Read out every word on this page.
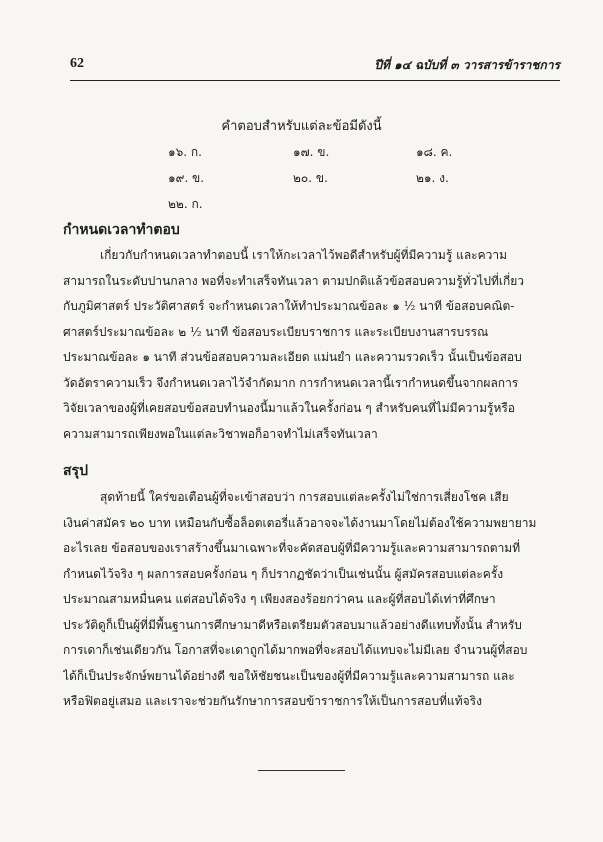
62	ปีที่ ๑๔ ฉบับที่ ๓ วารสารข้าราชการ
คำตอบสำหรับแต่ละข้อมีดังนี้
๑๖. ก.	๑๗. ข.	๑๘. ค.
๑๙. ข.	๒๐. ข.	๒๑. ง.
๒๒. ก.
กำหนดเวลาทำตอบ
เกี่ยวกับกำหนดเวลาทำตอบนี้ เราให้กะเวลาไว้พอดีสำหรับผู้ที่มีความรู้ และความ
สามารถในระดับปานกลาง พอที่จะทำเสร็จทันเวลา ตามปกติแล้วข้อสอบความรู้ทั่วไปที่เกี่ยว
กับภูมิศาสตร์ ประวัติศาสตร์ จะกำหนดเวลาให้ทำประมาณข้อละ ๑ ½ นาที ข้อสอบคณิต-
ศาสตร์ประมาณข้อละ ๒ ½ นาที ข้อสอบระเบียบราชการ และระเบียบงานสารบรรณ
ประมาณข้อละ ๑ นาที ส่วนข้อสอบความละเอียด แม่นยำ และความรวดเร็ว นั้นเป็นข้อสอบ
วัดอัตราความเร็ว จึงกำหนดเวลาไว้จำกัดมาก การกำหนดเวลานี้เรากำหนดขึ้นจากผลการ
วิจัยเวลาของผู้ที่เคยสอบข้อสอบทำนองนี้มาแล้วในครั้งก่อน ๆ สำหรับคนที่ไม่มีความรู้หรือ
ความสามารถเพียงพอในแต่ละวิชาพอก็อาจทำไม่เสร็จทันเวลา
สรุป
สุดท้ายนี้ ใคร่ขอเตือนผู้ที่จะเข้าสอบว่า การสอบแต่ละครั้งไม่ใช่การเสี่ยงโชค เสีย
เงินค่าสมัคร ๒๐ บาท เหมือนกับซื้อล็อตเตอรี่แล้วอาจจะได้งานมาโดยไม่ต้องใช้ความพยายาม
อะไรเลย ข้อสอบของเราสร้างขึ้นมาเฉพาะที่จะคัดสอบผู้ที่มีความรู้และความสามารถตามที่
กำหนดไว้จริง ๆ ผลการสอบครั้งก่อน ๆ ก็ปรากฏชัดว่าเป็นเช่นนั้น ผู้สมัครสอบแต่ละครั้ง
ประมาณสามหมื่นคน แต่สอบได้จริง ๆ เพียงสองร้อยกว่าคน และผู้ที่สอบได้เท่าที่ศึกษา
ประวัติดูก็เป็นผู้ที่มีพื้นฐานการศึกษามาดีหรือเตรียมตัวสอบมาแล้วอย่างดีแทบทั้งนั้น สำหรับ
การเดาก็เช่นเดียวกัน โอกาสที่จะเดาถูกได้มากพอที่จะสอบได้แทบจะไม่มีเลย จำนวนผู้ที่สอบ
ได้ก็เป็นประจักษ์พยานได้อย่างดี ขอให้ชัยชนะเป็นของผู้ที่มีความรู้และความสามารถ และ
หรือฟิตอยู่เสมอ และเราจะช่วยกันรักษาการสอบข้าราชการให้เป็นการสอบที่แท้จริง
